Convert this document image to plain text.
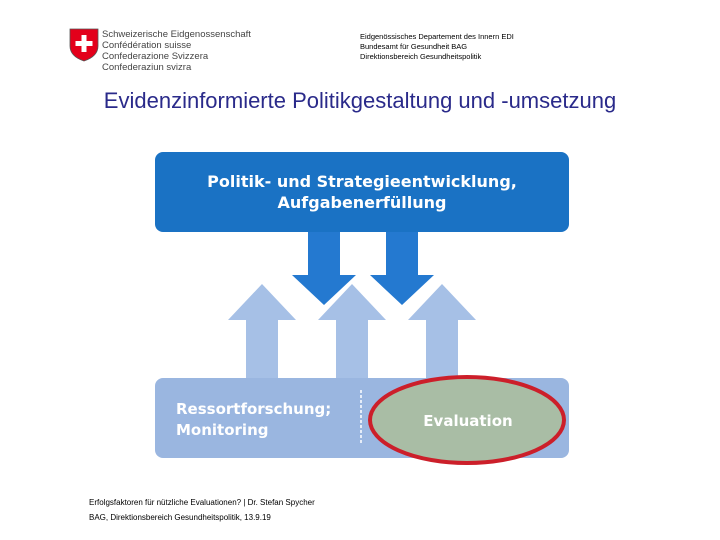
Schweizerische Eidgenossenschaft
Confédération suisse
Confederazione Svizzera
Confederaziun svizra
Eidgenössisches Departement des Innern EDI
Bundesamt für Gesundheit BAG
Direktionsbereich Gesundheitspolitik
Evidenzinformierte Politikgestaltung und -umsetzung
Politik- und Strategieentwicklung,
Aufgabenerfüllung
Ressortforschung;
Monitoring	Evaluation
Erfolgsfaktoren für nützliche Evaluationen? | Dr. Stefan Spycher
BAG, Direktionsbereich Gesundheitspolitik, 13.9.19
